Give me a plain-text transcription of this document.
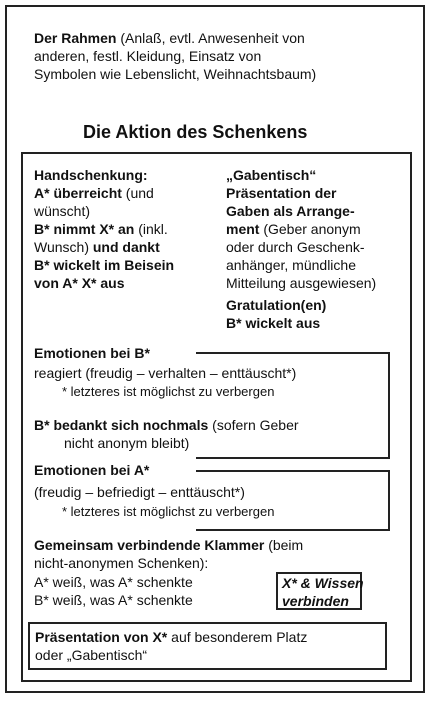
Der Rahmen (Anlaß, evtl. Anwesenheit von
anderen, festl. Kleidung, Einsatz von
Symbolen wie Lebenslicht, Weihnachtsbaum)
Die Aktion des Schenkens
Handschenkung:
A* überreicht (und
wünscht)
B* nimmt X* an (inkl.
Wunsch) und dankt
B* wickelt im Beisein
von A* X* aus
„Gabentisch“
Präsentation der
Gaben als Arrange-
ment (Geber anonym
oder durch Geschenk-
anhänger, mündliche
Mitteilung ausgewiesen)
Gratulation(en)
B* wickelt aus
Emotionen bei B*
reagiert (freudig – verhalten – enttäuscht*)
* letzteres ist möglichst zu verbergen
B* bedankt sich nochmals (sofern Geber
nicht anonym bleibt)
Emotionen bei A*
(freudig – befriedigt – enttäuscht*)
* letzteres ist möglichst zu verbergen
Gemeinsam verbindende Klammer (beim
nicht-anonymen Schenken):
A* weiß, was A* schenkte
B* weiß, was A* schenkte
X* & Wissen
verbinden
Präsentation von X* auf besonderem Platz
oder „Gabentisch“
